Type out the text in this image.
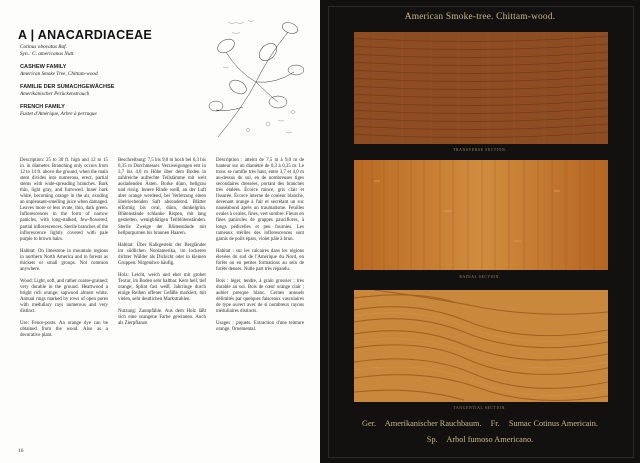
A | ANACARDIACEAE
Cotinus obovatus Raf.
Syn.: C. americanus Nutt.
CASHEW FAMILY
American Smoke Tree, Chittam-wood
FAMILIE DER SUMACHGEWÄCHSE
Amerikanischer Perückenstrauch
FRENCH FAMILY
Fustet d'Amérique, Arbre à perruque

Description: 25 to 30 ft. high and 12 to 15 in. in diameter. Branching only occurs from 12 to 14 ft. above the ground, when the main stem divides into numerous, erect, partial stems with wide-spreading branches. Bark thin, light gray, and furrowed. Inner bark white, becoming orange in the air, exuding an unpleasant-smelling juice when damaged. Leaves more or less ovate, thin, dark green. Inflorescences in the form of narrow panicles, with long-stalked, few-flowered, partial inflorescences. Sterile branches of the inflorescence lightly covered with pale purple to brown hairs.

Habitat: On limestone in mountain regions in northern North America and in forests as thickets or small groups. Not common anywhere.

Wood: Light, soft, and rather coarse-grained; very durable in the ground. Heartwood a bright rich orange; sapwood almost white. Annual rings marked by rows of open pores with medullary rays numerous and very distinct.

Use: Fence-posts. An orange dye can be obtained from the wood. Also as a decorative plant.

Beschreibung: 7,5 bis 9,0 m hoch bei 0,3 bis 0,35 m Durchmesser. Verzweigungen erst in 3,7 bis 4,0 m Höhe über dem Boden in zahlreiche aufrechte Teilstämme mit weit ausladenden Ästen. Borke dünn, hellgrau und rissig. Innere Rinde weiß, an der Luft aber orange werdend, bei Verletzung einen übelriechenden Saft absondernd. Blätter eiförmig bis oval, dünn, dunkelgrün. Blütenstände schlanke Rispen, mit lang gestielten, wenigblütigen Teilblütenständen. Sterile Zweige der Blütenstände mit hellpurpurnen bis braunen Haaren.

Habitat: Über Kalkgestein der Bergländer im südlichen Nordamerika, im lockeren dichter Wälder als Dickicht oder in kleinen Gruppen. Nirgendwo häufig.

Holz: Leicht, weich und eher mit grober Textur, im Boden sehr haltbar. Kern hell, tief orange; Splint fast weiß. Jahrringe durch einige Reihen offener Gefäße markiert, mit vielen, sehr deutlichen Markstrahlen.

Nutzung: Zaunpfähle. Aus dem Holz läßt sich eine orangene Farbe gewinnen. Auch als Zierpflanze.

Description : atteint de 7,5 m à 9,0 m de hauteur sur un diamètre de 0,3 à 0,35 m. Le tronc se ramifie très haut, entre 3,7 et 4,0 m au-dessus du sol, en de nombreuses tiges secondaires dressées, portant des branches très étalées. Écorce mince, gris clair et fissurée. Écorce interne de couleur blanche, devenant orange à l'air et secrétant un suc nauséabond après un traumatisme. Feuilles ovales à ovales, fines, vert sombre. Fleurs en fines panicules de grappes pauciflores, à longs pédicelles et peu fournies. Les rameaux stériles des inflorescences sont garnis de poils épars, violet pâle à brun.

Habitat : sur les calcaires dans les régions élevées du sud de l'Amérique du Nord, en forêts ou en petites formations au sein de forêts denses. Nulle part très répandu.

Bois : léger, tendre, à grain grossier ; très durable au sol. Bois de cœur orange clair ; aubier presque blanc. Cernes annuels délimités par quelques faisceaux vasculaires de type ouvert avec de si nombreux rayons médullaires distincts.

Usages : piquets. Extraction d'une teinture orange. Ornemental.

16
American Smoke-tree. Chittam-wood.
TRANSVERSE SECTION.
RADIAL SECTION.
TANGENTIAL SECTION.
Ger. Amerikanischer Rauchbaum. Fr. Sumac Cotinus Americain.
Sp. Arbol fumoso Americano.
